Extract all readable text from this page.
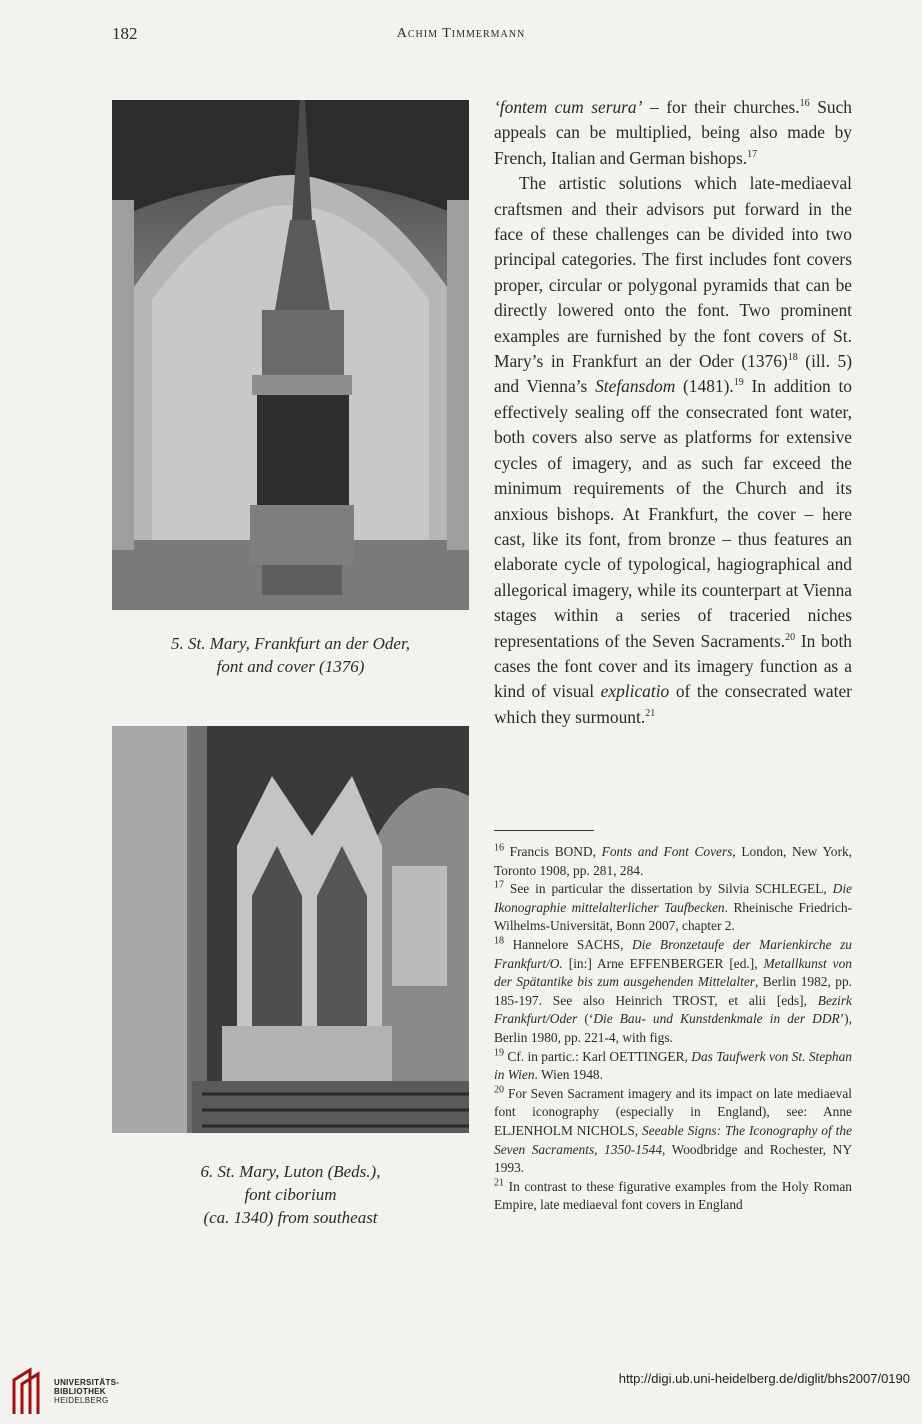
182	Achim Timmermann
5. St. Mary, Frankfurt an der Oder,
font and cover (1376)
6. St. Mary, Luton (Beds.),
font ciborium
(ca. 1340) from southeast

‘fontem cum serura’ – for their churches.$^{16}$ Such appeals can be multiplied, being also made by French, Italian and German bishops.$^{17}$

The artistic solutions which late-mediaeval craftsmen and their advisors put forward in the face of these challenges can be divided into two principal categories. The first includes font covers proper, circular or polygonal pyramids that can be directly lowered onto the font. Two prominent examples are furnished by the font covers of St. Mary’s in Frankfurt an der Oder $(1376)^{18}$ (ill. 5) and Vienna’s Stefansdom (1481).$^{19}$ In addition to effectively sealing off the consecrated font water, both covers also serve as platforms for extensive cycles of imagery, and as such far exceed the minimum requirements of the Church and its anxious bishops. At Frankfurt, the cover – here cast, like its font, from bronze – thus features an elaborate cycle of typological, hagiographical and allegorical imagery, while its counterpart at Vienna stages within a series of traceried niches representations of the Seven Sacraments.$^{20}$ In both cases the font cover and its imagery function as a kind of visual explicatio of the consecrated water which they surmount.$^{21}$

$^{16}$ Francis BOND, Fonts and Font Covers, London, New York, Toronto 1908, pp. 281, 284.

$^{17}$ See in particular the dissertation by Silvia SCHLEGEL, Die Ikonographie mittelalterlicher Taufbecken. Rheinische Friedrich-Wilhelms-Universität, Bonn 2007, chapter 2.

$^{18}$ Hannelore SACHS, Die Bronzetaufe der Marienkirche zu Frankfurt/O. [in:] Arne EFFENBERGER [ed.], Metallkunst von der Spätantike bis zum ausgehenden Mittelalter, Berlin 1982, pp. 185-197. See also Heinrich TROST, et alii [eds], Bezirk Frankfurt/Oder (‘Die Bau- und Kunstdenkmale in der DDR’), Berlin 1980, pp. 221-4, with figs.

$^{19}$ Cf. in partic.: Karl OETTINGER, Das Taufwerk von St. Stephan in Wien. Wien 1948.

$^{20}$ For Seven Sacrament imagery and its impact on late mediaeval font iconography (especially in England), see: Anne ELJENHOLM NICHOLS, Seeable Signs: The Iconography of the Seven Sacraments, 1350-1544, Woodbridge and Rochester, NY 1993.

$^{21}$ In contrast to these figurative examples from the Holy Roman Empire, late mediaeval font covers in England

UNIVERSITÄTS-
BIBLIOTHEK
HEIDELBERG
http://digi.ub.uni-heidelberg.de/diglit/bhs2007/0190
